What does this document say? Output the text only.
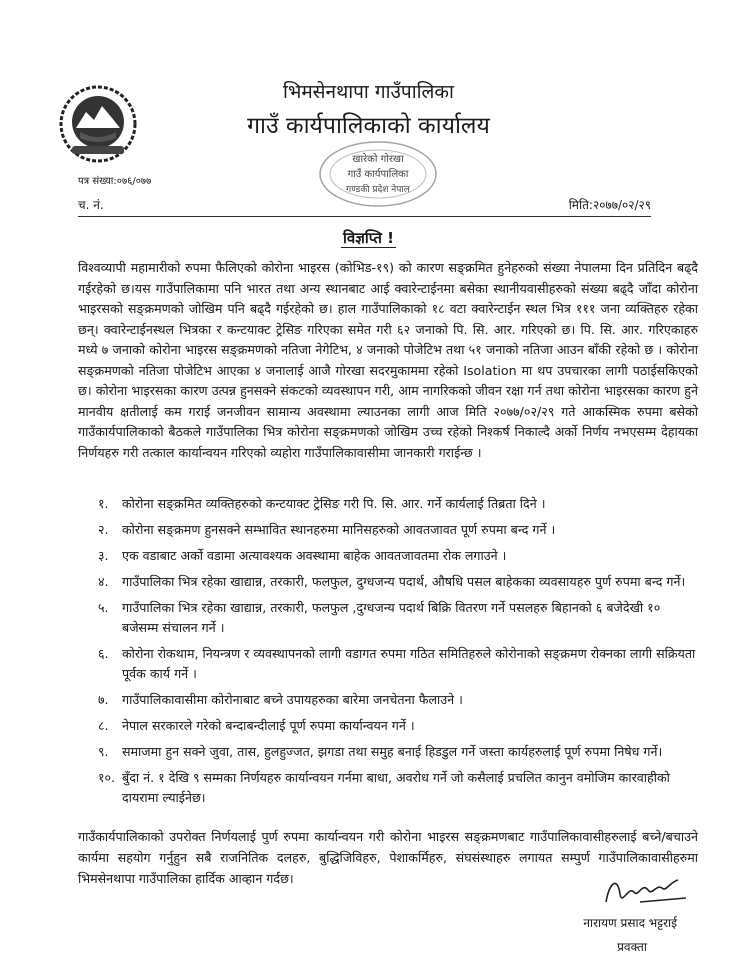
भिमसेनथापा गाउँपालिका
गाउँ कार्यपालिकाको कार्यालय
खारेको गोरखा
गाउँ कार्यपालिका
गण्डकी प्रदेश नेपाल
पत्र संख्या:०७६/०७७
च. नं.	मिति:२०७७/०२/२९
विज्ञप्ति !

विश्वव्यापी महामारीको रुपमा फैलिएको कोरोना भाइरस (कोभिड-१९) को कारण सङ्क्रमित हुनेहरुको संख्या नेपालमा दिन प्रतिदिन बढ्दै गईरहेको छ।यस गाउँपालिकामा पनि भारत तथा अन्य स्थानबाट आई क्वारेन्टाईनमा बसेका स्थानीयवासीहरुको संख्या बढ्दै जाँदा कोरोना भाइरसको सङ्क्रमणको जोखिम पनि बढ्दै गईरहेको छ। हाल गाउँपालिकाको १८ वटा क्वारेन्टाईन स्थल भित्र १११ जना व्यक्तिहरु रहेका छन्। क्वारेन्टाईनस्थल भित्रका र कन्टयाक्ट ट्रेसिङ गरिएका समेत गरी ६२ जनाको पि. सि. आर. गरिएको छ। पि. सि. आर. गरिएकाहरु मध्ये ७ जनाको कोरोना भाइरस सङ्क्रमणको नतिजा नेगेटिभ, ४ जनाको पोजेटिभ तथा ५१ जनाको नतिजा आउन बाँकी रहेको छ । कोरोना सङ्क्रमणको नतिजा पोजेटिभ आएका ४ जनालाई आजै गोरखा सदरमुकाममा रहेको Isolation मा थप उपचारका लागी पठाईसकिएको छ। कोरोना भाइरसका कारण उत्पन्न हुनसक्ने संकटको व्यवस्थापन गरी, आम नागरिकको जीवन रक्षा गर्न तथा कोरोना भाइरसका कारण हुने मानवीय क्षतीलाई कम गराई जनजीवन सामान्य अवस्थामा ल्याउनका लागी आज मिति २०७७/०२/२९ गते आकस्मिक रुपमा बसेको गाउँकार्यपालिकाको बैठकले गाउँपालिका भित्र कोरोना सङ्क्रमणको जोखिम उच्च रहेको निश्कर्ष निकाल्दै अर्को निर्णय नभएसम्म देहायका निर्णयहरु गरी तत्काल कार्यान्वयन गरिएको व्यहोरा गाउँपालिकावासीमा जानकारी गराईन्छ ।

१.	कोरोना सङ्क्रमित व्यक्तिहरुको कन्टयाक्ट ट्रेसिङ गरी पि. सि. आर. गर्ने कार्यलाई तिब्रता दिने ।
२.	कोरोना सङ्क्रमण हुनसक्ने सम्भावित स्थानहरुमा मानिसहरुको आवतजावत पूर्ण रुपमा बन्द गर्ने ।
३.	एक वडाबाट अर्को वडामा अत्यावश्यक अवस्थामा बाहेक आवतजावतमा रोक लगाउने ।
४.	गाउँपालिका भित्र रहेका खाद्यान्न, तरकारी, फलफुल, दुग्धजन्य पदार्थ, औषधि पसल बाहेकका व्यवसायहरु पुर्ण रुपमा बन्द गर्ने।
५.	गाउँपालिका भित्र रहेका खाद्यान्न, तरकारी, फलफुल ,दुग्धजन्य पदार्थ बिक्रि वितरण गर्ने पसलहरु बिहानको ६ बजेदेखी १० बजेसम्म संचालन गर्ने ।
६.	कोरोना रोकथाम, नियन्त्रण र व्यवस्थापनको लागी वडागत रुपमा गठित समितिहरुले कोरोनाको सङ्क्रमण रोक्नका लागी सक्रियता पूर्वक कार्य गर्ने ।
७.	गाउँपालिकावासीमा कोरोनाबाट बच्ने उपायहरुका बारेमा जनचेतना फैलाउने ।
८.	नेपाल सरकारले गरेको बन्दाबन्दीलाई पूर्ण रुपमा कार्यान्वयन गर्ने ।
९.	समाजमा हुन सक्ने जुवा, तास, हुलहुज्जत, झगडा तथा समुह बनाई हिडडुल गर्ने जस्ता कार्यहरुलाई पूर्ण रुपमा निषेध गर्ने।
१०. बुँदा नं. १ देखि ९ सम्मका निर्णयहरु कार्यान्वयन गर्नमा बाधा, अवरोध गर्ने जो कसैलाई प्रचलित कानुन वमोजिम कारवाहीको दायरामा ल्याईनेछ।

गाउँकार्यपालिकाको उपरोक्त निर्णयलाई पुर्ण रुपमा कार्यान्वयन गरी कोरोना भाइरस सङ्क्रमणबाट गाउँपालिकावासीहरुलाई बच्ने/बचाउने कार्यमा सहयोग गर्नुहुन सबै राजनितिक दलहरु, बुद्धिजिविहरु, पेशाकर्मिहरु, संघसंस्थाहरु लगायत सम्पुर्ण गाउँपालिकावासीहरुमा भिमसेनथापा गाउँपालिका हार्दिक आव्हान गर्दछ।

नारायण प्रसाद भट्टराई
प्रवक्ता
